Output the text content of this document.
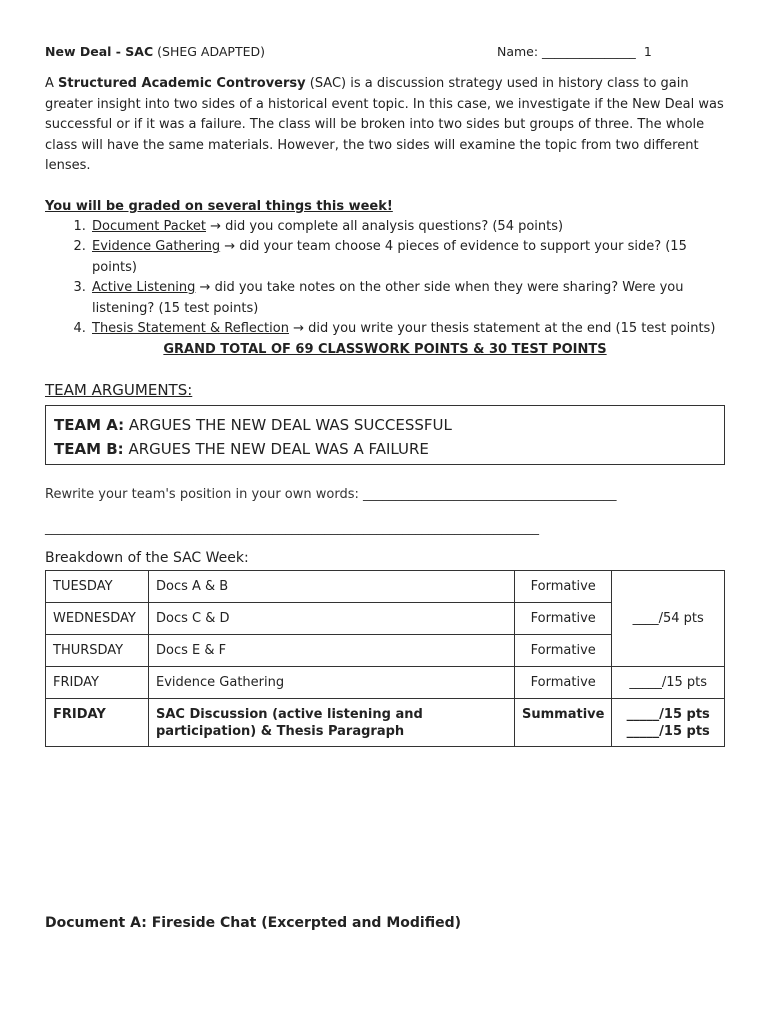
New Deal - SAC (SHEG ADAPTED)	Name: _______________ 1

A Structured Academic Controversy (SAC) is a discussion strategy used in history class to gain greater insight into two sides of a historical event topic. In this case, we investigate if the New Deal was successful or if it was a failure. The class will be broken into two sides but groups of three. The whole class will have the same materials. However, the two sides will examine the topic from two different lenses.

You will be graded on several things this week!
1. Document Packet → did you complete all analysis questions? (54 points)
2. Evidence Gathering → did your team choose 4 pieces of evidence to support your side? (15 points)
3. Active Listening → did you take notes on the other side when they were sharing? Were you listening? (15 test points)
4. Thesis Statement & Reflection → did you write your thesis statement at the end (15 test points)
GRAND TOTAL OF 69 CLASSWORK POINTS & 30 TEST POINTS
TEAM ARGUMENTS:
TEAM A: ARGUES THE NEW DEAL WAS SUCCESSFUL
TEAM B: ARGUES THE NEW DEAL WAS A FAILURE
Rewrite your team's position in your own words: _______________________________________
____________________________________________________________________________
Breakdown of the SAC Week:
TUESDAY	Docs A & B	Formative	____/54 pts
WEDNESDAY	Docs C & D	Formative	
THURSDAY	Docs E & F	Formative	
FRIDAY	Evidence Gathering	Formative	_____/15 pts
FRIDAY	SAC Discussion (active listening and participation) & Thesis Paragraph	Summative	_____/15 pts
_____/15 pts
Document A: Fireside Chat (Excerpted and Modified)
